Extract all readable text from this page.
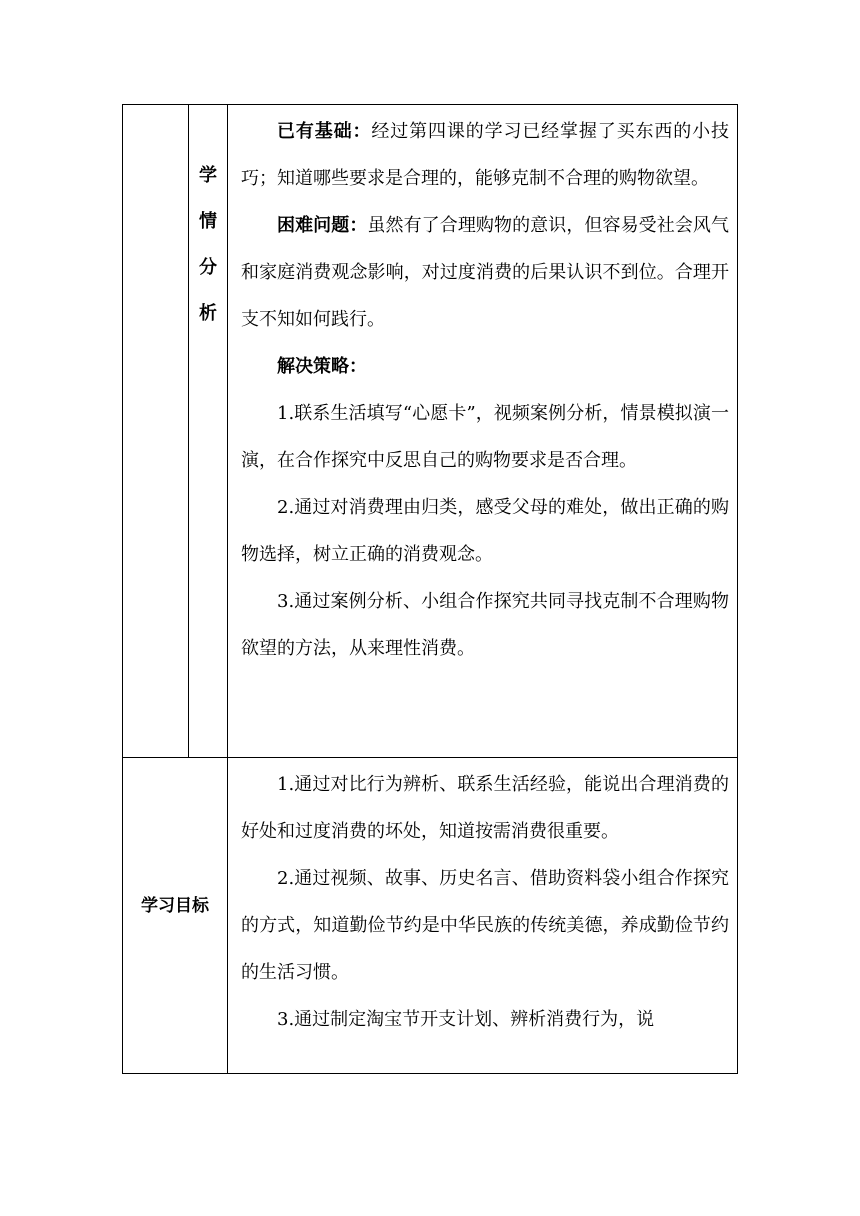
学
情
分
析

已有基础：经过第四课的学习已经掌握了买东西的小技巧；知道哪些要求是合理的，能够克制不合理的购物欲望。

困难问题：虽然有了合理购物的意识，但容易受社会风气和家庭消费观念影响，对过度消费的后果认识不到位。合理开支不知如何践行。

解决策略：

1.联系生活填写“心愿卡”，视频案例分析，情景模拟演一演，在合作探究中反思自己的购物要求是否合理。

2.通过对消费理由归类，感受父母的难处，做出正确的购物选择，树立正确的消费观念。

3.通过案例分析、小组合作探究共同寻找克制不合理购物欲望的方法，从来理性消费。

学习目标

1.通过对比行为辨析、联系生活经验，能说出合理消费的好处和过度消费的坏处，知道按需消费很重要。

2.通过视频、故事、历史名言、借助资料袋小组合作探究的方式，知道勤俭节约是中华民族的传统美德，养成勤俭节约的生活习惯。

3.通过制定淘宝节开支计划、辨析消费行为，说
